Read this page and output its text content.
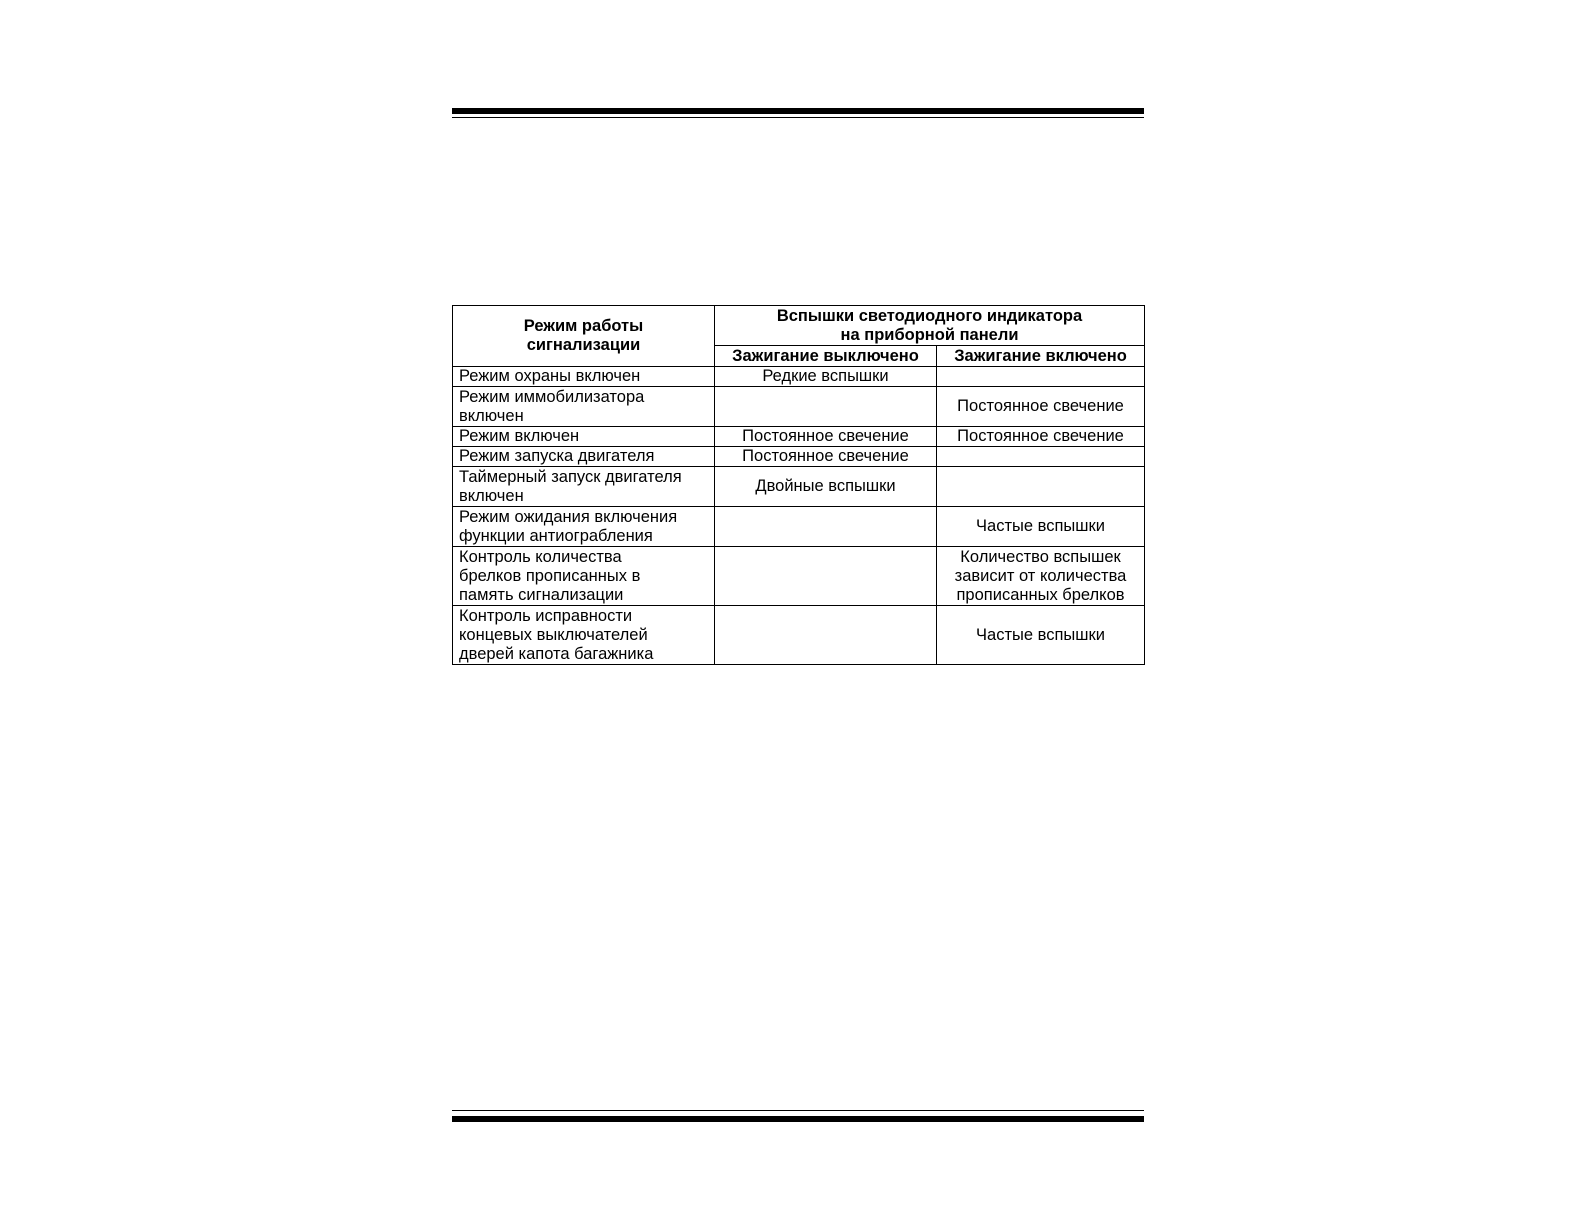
Режим работы
сигнализации	Вспышки светодиодного индикатора
на приборной панели	
	Зажигание выключено	Зажигание включено
Режим охраны включен	Редкие вспышки	
Режим иммобилизатора
включен		Постоянное свечение
Режим включен	Постоянное свечение	Постоянное свечение
Режим запуска двигателя	Постоянное свечение	
Таймерный запуск двигателя
включен	Двойные вспышки	
Режим ожидания включения
функции антиограбления		Частые вспышки
Контроль количества
брелков прописанных в
память сигнализации		Количество вспышек
зависит от количества
прописанных брелков
Контроль исправности
концевых выключателей
дверей капота багажника		Частые вспышки
